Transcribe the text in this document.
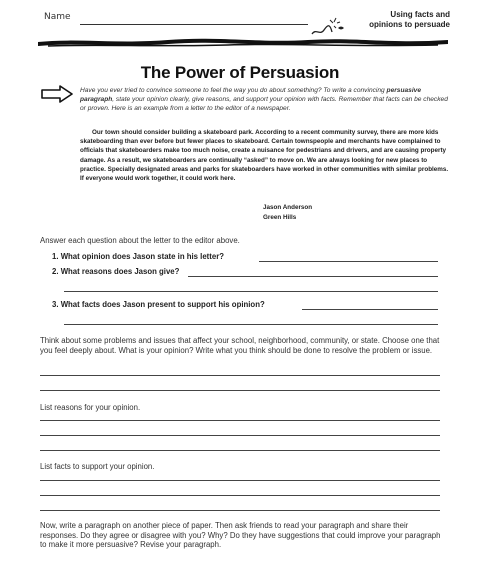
Name	Using facts and
opinions to persuade
The Power of Persuasion
Have you ever tried to convince someone to feel the way you do about something? To write a convincing persuasive paragraph, state your opinion clearly, give reasons, and support your opinion with facts. Remember that facts can be checked or proven. Here is an example from a letter to the editor of a newspaper.
Our town should consider building a skateboard park. According to a recent community survey, there are more kids skateboarding than ever before but fewer places to skateboard. Certain townspeople and merchants have complained to officials that skateboarders make too much noise, create a nuisance for pedestrians and drivers, and are causing property damage. As a result, we skateboarders are continually “asked” to move on. We are always looking for new places to practice. Specially designated areas and parks for skateboarders have worked in other communities with similar problems. If everyone would work together, it could work here.
Jason Anderson
Green Hills
Answer each question about the letter to the editor above.
1. What opinion does Jason state in his letter?
2. What reasons does Jason give?
3. What facts does Jason present to support his opinion?
Think about some problems and issues that affect your school, neighborhood, community, or state. Choose one that you feel deeply about. What is your opinion? Write what you think should be done to resolve the problem or issue.
List reasons for your opinion.
List facts to support your opinion.
Now, write a paragraph on another piece of paper. Then ask friends to read your paragraph and share their responses. Do they agree or disagree with you? Why? Do they have suggestions that could improve your paragraph to make it more persuasive? Revise your paragraph.
